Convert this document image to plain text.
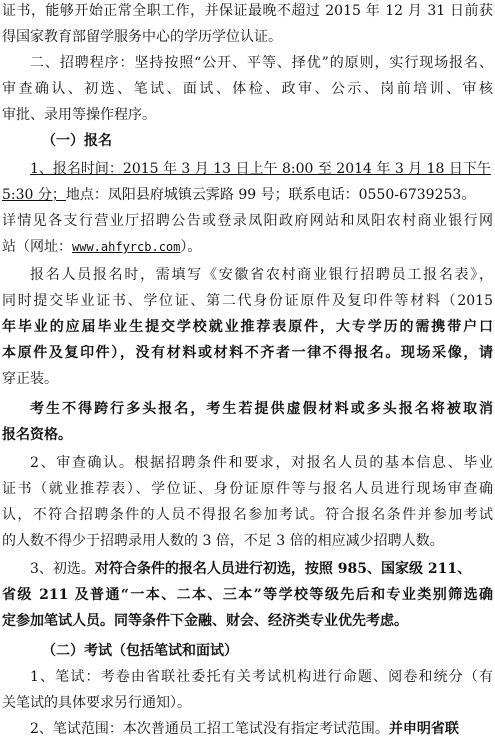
证书，能够开始正常全职工作，并保证最晚不超过 2015 年 12 月 31 日前获
得国家教育部留学服务中心的学历学位认证。
二、招聘程序：坚持按照“公开、平等、择优”的原则，实行现场报名、
审查确认、初选、笔试、面试、体检、政审、公示、岗前培训、审核
审批、录用等操作程序。
（一）报名
1、报名时间：2015 年 3 月 13 日上午 8:00 至 2014 年 3 月 18 日下午
5:30 分；地点：凤阳县府城镇云霁路 99 号；联系电话：0550-6739253。
详情见各支行营业厅招聘公告或登录凤阳政府网站和凤阳农村商业银行网
站（网址：www.ahfyrcb.com）。
报名人员报名时，需填写《安徽省农村商业银行招聘员工报名表》，
同时提交毕业证书、学位证、第二代身份证原件及复印件等材料（2015
年毕业的应届毕业生提交学校就业推荐表原件，大专学历的需携带户口
本原件及复印件），没有材料或材料不齐者一律不得报名。现场采像，请
穿正装。
考生不得跨行多头报名，考生若提供虚假材料或多头报名将被取消
报名资格。
2、审查确认。根据招聘条件和要求，对报名人员的基本信息、毕业
证书（就业推荐表）、学位证、身份证原件等与报名人员进行现场审查确
认，不符合招聘条件的人员不得报名参加考试。符合报名条件并参加考试
的人数不得少于招聘录用人数的 3 倍，不足 3 倍的相应减少招聘人数。
3、初选。对符合条件的报名人员进行初选，按照 985、国家级 211、
省级 211 及普通“一本、二本、三本”等学校等级先后和专业类别筛选确
定参加笔试人员。同等条件下金融、财会、经济类专业优先考虑。
（二）考试（包括笔试和面试）
1、笔试：考卷由省联社委托有关考试机构进行命题、阅卷和统分（有
关笔试的具体要求另行通知）。
2、笔试范围：本次普通员工招工笔试没有指定考试范围。并申明省联
